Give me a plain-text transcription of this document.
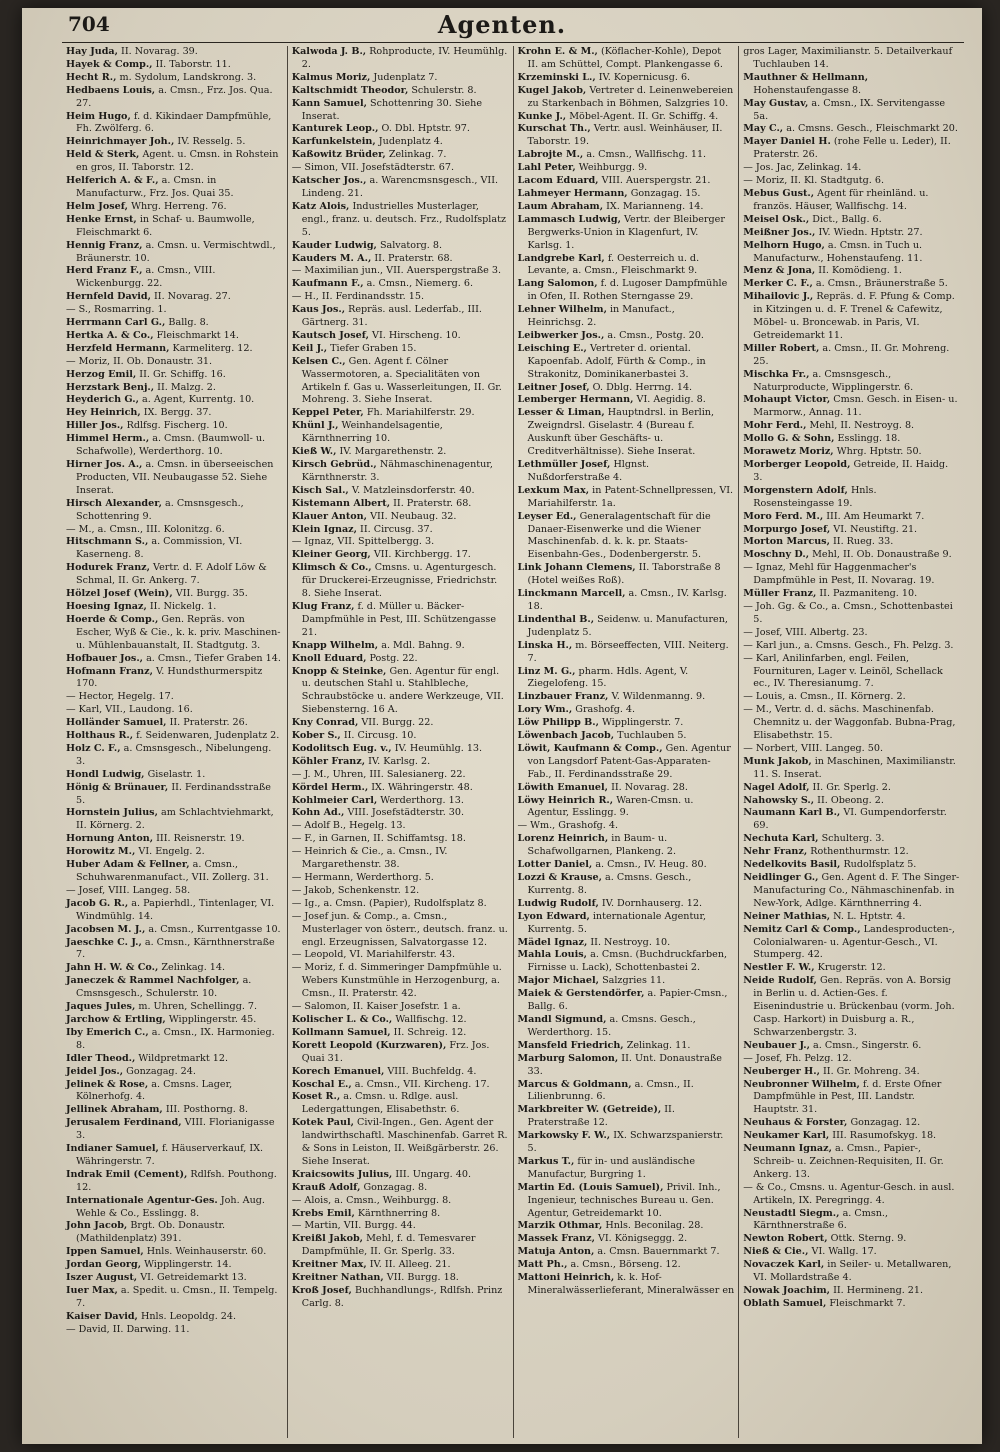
704	Agenten.
Hay Juda, II. Novarag. 39.
Hayek & Comp., II. Taborstr. 11.
Hecht R., m. Sydolum, Landskrong. 3.
Hedbaens Louis, a. Cmsn., Frz. Jos. Qua. 27.
Heim Hugo, f. d. Kikindaer Dampfmühle, Fh. Zwölferg. 6.
Heinrichmayer Joh., IV. Resselg. 5.
Held & Sterk, Agent. u. Cmsn. in Rohstein en gros, II. Taborstr. 12.
Helferich A. & F., a. Cmsn. in Manufacturw., Frz. Jos. Quai 35.
Helm Josef, Whrg. Herreng. 76.
Henke Ernst, in Schaf- u. Baumwolle, Fleischmarkt 6.
Hennig Franz, a. Cmsn. u. Vermischtwdl., Bräunerstr. 10.
Herd Franz F., a. Cmsn., VIII. Wickenburgg. 22.
Hernfeld David, II. Novarag. 27.
— S., Rosmarring. 1.
Herrmann Carl G., Ballg. 8.
Hertka A. & Co., Fleischmarkt 14.
Herzfeld Hermann, Karmeliterg. 12.
— Moriz, II. Ob. Donaustr. 31.
Herzog Emil, II. Gr. Schiffg. 16.
Herzstark Benj., II. Malzg. 2.
Heyderich G., a. Agent, Kurrentg. 10.
Hey Heinrich, IX. Bergg. 37.
Hiller Jos., Rdlfsg. Fischerg. 10.
Himmel Herm., a. Cmsn. (Baumwoll- u. Schafwolle), Werderthorg. 10.
Hirner Jos. A., a. Cmsn. in überseeischen Producten, VII. Neubaugasse 52. Siehe Inserat.
Hirsch Alexander, a. Cmsnsgesch., Schottenring 9.
— M., a. Cmsn., III. Kolonitzg. 6.
Hitschmann S., a. Commission, VI. Kaserneng. 8.
Hodurek Franz, Vertr. d. F. Adolf Löw & Schmal, II. Gr. Ankerg. 7.
Hölzel Josef (Wein), VII. Burgg. 35.
Hoesing Ignaz, II. Nickelg. 1.
Hoerde & Comp., Gen. Repräs. von Escher, Wyß & Cie., k. k. priv. Maschinen- u. Mühlenbauanstalt, II. Stadtgutg. 3.
Hofbauer Jos., a. Cmsn., Tiefer Graben 14.
Hofmann Franz, V. Hundsthurmerspitz 170.
— Hector, Hegelg. 17.
— Karl, VII., Laudong. 16.
Holländer Samuel, II. Praterstr. 26.
Holthaus R., f. Seidenwaren, Judenplatz 2.
Holz C. F., a. Cmsnsgesch., Nibelungeng. 3.
Hondl Ludwig, Giselastr. 1.
Hönig & Brünauer, II. Ferdinandsstraße 5.
Hornstein Julius, am Schlachtviehmarkt, II. Körnerg. 2.
Hornung Anton, III. Reisnerstr. 19.
Horowitz M., VI. Engelg. 2.
Huber Adam & Fellner, a. Cmsn., Schuhwarenmanufact., VII. Zollerg. 31.
— Josef, VIII. Langeg. 58.
Jacob G. R., a. Papierhdl., Tintenlager, VI. Windmühlg. 14.
Jacobsen M. J., a. Cmsn., Kurrentgasse 10.
Jaeschke C. J., a. Cmsn., Kärnthnerstraße 7.
Jahn H. W. & Co., Zelinkag. 14.
Janeczek & Rammel Nachfolger, a. Cmsnsgesch., Schulerstr. 10.
Jaques Jules, m. Uhren, Schellingg. 7.
Jarchow & Ertling, Wipplingerstr. 45.
Iby Emerich C., a. Cmsn., IX. Harmonieg. 8.
Idler Theod., Wildpretmarkt 12.
Jeidel Jos., Gonzagag. 24.
Jelinek & Rose, a. Cmsns. Lager, Kölnerhofg. 4.
Jellinek Abraham, III. Posthorng. 8.
Jerusalem Ferdinand, VIII. Florianigasse 3.
Indianer Samuel, f. Häuserverkauf, IX. Währingerstr. 7.
Indrak Emil (Cement), Rdlfsh. Pouthong. 12.
Internationale Agentur-Ges. Joh. Aug. Wehle & Co., Esslingg. 8.
John Jacob, Brgt. Ob. Donaustr. (Mathildenplatz) 391.
Ippen Samuel, Hnls. Weinhauserstr. 60.
Jordan Georg, Wipplingerstr. 14.
Iszer August, VI. Getreidemarkt 13.
Iuer Max, a. Spedit. u. Cmsn., II. Tempelg. 7.
Kaiser David, Hnls. Leopoldg. 24.
— David, II. Darwing. 11.
Kalwoda J. B., Rohproducte, IV. Heumühlg. 2.
Kalmus Moriz, Judenplatz 7.
Kaltschmidt Theodor, Schulerstr. 8.
Kann Samuel, Schottenring 30. Siehe Inserat.
Kanturek Leop., O. Dbl. Hptstr. 97.
Karfunkelstein, Judenplatz 4.
Kaßowitz Brüder, Zelinkag. 7.
— Simon, VII. Josefstädterstr. 67.
Katscher Jos., a. Warencmsnsgesch., VII. Lindeng. 21.
Katz Alois, Industrielles Musterlager, engl., franz. u. deutsch. Frz., Rudolfsplatz 5.
Kauder Ludwig, Salvatorg. 8.
Kauders M. A., II. Praterstr. 68.
— Maximilian jun., VII. Auerspergstraße 3.
Kaufmann F., a. Cmsn., Niemerg. 6.
— H., II. Ferdinandsstr. 15.
Kaus Jos., Repräs. ausl. Lederfab., III. Gärtnerg. 31.
Kautsch Josef, VI. Hirscheng. 10.
Keil J., Tiefer Graben 15.
Kelsen C., Gen. Agent f. Cölner Wassermotoren, a. Specialitäten von Artikeln f. Gas u. Wasserleitungen, II. Gr. Mohreng. 3. Siehe Inserat.
Keppel Peter, Fh. Mariahilferstr. 29.
Khünl J., Weinhandelsagentie, Kärnthnerring 10.
Kieß W., IV. Margarethenstr. 2.
Kirsch Gebrüd., Nähmaschinenagentur, Kärnthnerstr. 3.
Kisch Sal., V. Matzleinsdorferstr. 40.
Kistemann Albert, II. Praterstr. 68.
Klauer Anton, VII. Neubaug. 32.
Klein Ignaz, II. Circusg. 37.
— Ignaz, VII. Spittelbergg. 3.
Kleiner Georg, VII. Kirchbergg. 17.
Klimsch & Co., Cmsns. u. Agenturgesch. für Druckerei-Erzeugnisse, Friedrichstr. 8. Siehe Inserat.
Klug Franz, f. d. Müller u. Bäcker-Dampfmühle in Pest, III. Schützengasse 21.
Knapp Wilhelm, a. Mdl. Bahng. 9.
Knoll Eduard, Postg. 22.
Knopp & Steinke, Gen. Agentur für engl. u. deutschen Stahl u. Stahlbleche, Schraubstöcke u. andere Werkzeuge, VII. Siebensterng. 16 A.
Kny Conrad, VII. Burgg. 22.
Kober S., II. Circusg. 10.
Kodolitsch Eug. v., IV. Heumühlg. 13.
Köhler Franz, IV. Karlsg. 2.
— J. M., Uhren, III. Salesianerg. 22.
Kördel Herm., IX. Währingerstr. 48.
Kohlmeier Carl, Werderthorg. 13.
Kohn Ad., VIII. Josefstädterstr. 30.
— Adolf B., Hegelg. 13.
— F., in Garnen, II. Schiffamtsg. 18.
— Heinrich & Cie., a. Cmsn., IV. Margarethenstr. 38.
— Hermann, Werderthorg. 5.
— Jakob, Schenkenstr. 12.
— Ig., a. Cmsn. (Papier), Rudolfsplatz 8.
— Josef jun. & Comp., a. Cmsn., Musterlager von österr., deutsch. franz. u. engl. Erzeugnissen, Salvatorgasse 12.
— Leopold, VI. Mariahilferstr. 43.
— Moriz, f. d. Simmeringer Dampfmühle u. Webers Kunstmühle in Herzogenburg, a. Cmsn., II. Praterstr. 42.
— Salomon, II. Kaiser Josefstr. 1 a.
Kolischer L. & Co., Wallfischg. 12.
Kollmann Samuel, II. Schreig. 12.
Korett Leopold (Kurzwaren), Frz. Jos. Quai 31.
Korech Emanuel, VIII. Buchfeldg. 4.
Koschal E., a. Cmsn., VII. Kircheng. 17.
Koset R., a. Cmsn. u. Rdlge. ausl. Ledergattungen, Elisabethstr. 6.
Kotek Paul, Civil-Ingen., Gen. Agent der landwirthschaftl. Maschinenfab. Garret R. & Sons in Leiston, II. Weißgärberstr. 26. Siehe Inserat.
Kraicsowits Julius, III. Ungarg. 40.
Krauß Adolf, Gonzagag. 8.
— Alois, a. Cmsn., Weihburgg. 8.
Krebs Emil, Kärnthnerring 8.
— Martin, VII. Burgg. 44.
Kreißl Jakob, Mehl, f. d. Temesvarer Dampfmühle, II. Gr. Sperlg. 33.
Kreitner Max, IV. II. Alleeg. 21.
Kreitner Nathan, VII. Burgg. 18.
Kroß Josef, Buchhandlungs-, Rdlfsh. Prinz Carlg. 8.
Krohn E. & M., (Köflacher-Kohle), Depot II. am Schüttel, Compt. Plankengasse 6.
Krzeminski L., IV. Kopernicusg. 6.
Kugel Jakob, Vertreter d. Leinenwebereien zu Starkenbach in Böhmen, Salzgries 10.
Kunke J., Möbel-Agent. II. Gr. Schiffg. 4.
Kurschat Th., Vertr. ausl. Weinhäuser, II. Taborstr. 19.
Labrojte M., a. Cmsn., Wallfischg. 11.
Lahl Peter, Weihburgg. 9.
Lacom Eduard, VIII. Auerspergstr. 21.
Lahmeyer Hermann, Gonzagag. 15.
Laum Abraham, IX. Marianneng. 14.
Lammasch Ludwig, Vertr. der Bleiberger Bergwerks-Union in Klagenfurt, IV. Karlsg. 1.
Landgrebe Karl, f. Oesterreich u. d. Levante, a. Cmsn., Fleischmarkt 9.
Lang Salomon, f. d. Lugoser Dampfmühle in Ofen, II. Rothen Sterngasse 29.
Lehner Wilhelm, in Manufact., Heinrichsg. 2.
Leibwerker Jos., a. Cmsn., Postg. 20.
Leisching E., Vertreter d. oriental. Kapoenfab. Adolf, Fürth & Comp., in Strakonitz, Dominikanerbastei 3.
Leitner Josef, O. Dblg. Herrng. 14.
Lemberger Hermann, VI. Aegidig. 8.
Lesser & Liman, Hauptndrsl. in Berlin, Zweigndrsl. Giselastr. 4 (Bureau f. Auskunft über Geschäfts- u. Creditverhältnisse). Siehe Inserat.
Lethmüller Josef, Hlgnst. Nußdorferstraße 4.
Lexkum Max, in Patent-Schnellpressen, VI. Mariahilferstr. 1a.
Leyser Ed., Generalagentschaft für die Danaer-Eisenwerke und die Wiener Maschinenfab. d. k. k. pr. Staats-Eisenbahn-Ges., Dodenbergerstr. 5.
Link Johann Clemens, II. Taborstraße 8 (Hotel weißes Roß).
Linckmann Marcell, a. Cmsn., IV. Karlsg. 18.
Lindenthal B., Seidenw. u. Manufacturen, Judenplatz 5.
Linska H., m. Börseeffecten, VIII. Neiterg. 7.
Linz M. G., pharm. Hdls. Agent, V. Ziegelofeng. 15.
Linzbauer Franz, V. Wildenmanng. 9.
Lory Wm., Grashofg. 4.
Löw Philipp B., Wipplingerstr. 7.
Löwenbach Jacob, Tuchlauben 5.
Löwit, Kaufmann & Comp., Gen. Agentur von Langsdorf Patent-Gas-Apparaten-Fab., II. Ferdinandsstraße 29.
Löwith Emanuel, II. Novarag. 28.
Löwy Heinrich R., Waren-Cmsn. u. Agentur, Esslingg. 9.
— Wm., Grashofg. 4.
Lorenz Heinrich, in Baum- u. Schafwollgarnen, Plankeng. 2.
Lotter Daniel, a. Cmsn., IV. Heug. 80.
Lozzi & Krause, a. Cmsns. Gesch., Kurrentg. 8.
Ludwig Rudolf, IV. Dornhauserg. 12.
Lyon Edward, internationale Agentur, Kurrentg. 5.
Mädel Ignaz, II. Nestroyg. 10.
Mahla Louis, a. Cmsn. (Buchdruckfarben, Firnisse u. Lack), Schottenbastei 2.
Major Michael, Salzgries 11.
Maiek & Gerstendörfer, a. Papier-Cmsn., Ballg. 6.
Mandl Sigmund, a. Cmsns. Gesch., Werderthorg. 15.
Mansfeld Friedrich, Zelinkag. 11.
Marburg Salomon, II. Unt. Donaustraße 33.
Marcus & Goldmann, a. Cmsn., II. Lilienbrunng. 6.
Markbreiter W. (Getreide), II. Praterstraße 12.
Markowsky F. W., IX. Schwarzspanierstr. 5.
Markus T., für in- und ausländische Manufactur, Burgring 1.
Martin Ed. (Louis Samuel), Privil. Inh., Ingenieur, technisches Bureau u. Gen. Agentur, Getreidemarkt 10.
Marzik Othmar, Hnls. Beconilag. 28.
Massek Franz, VI. Königseggg. 2.
Matuja Anton, a. Cmsn. Bauernmarkt 7.
Matt Ph., a. Cmsn., Börseng. 12.
Mattoni Heinrich, k. k. Hof-Mineralwässerlieferant, Mineralwässer en
gros Lager, Maximilianstr. 5. Detailverkauf Tuchlauben 14.
Mauthner & Hellmann, Hohenstaufengasse 8.
May Gustav, a. Cmsn., IX. Servitengasse 5a.
May C., a. Cmsns. Gesch., Fleischmarkt 20.
Mayer Daniel H. (rohe Felle u. Leder), II. Praterstr. 26.
— Jos. Jac, Zelinkag. 14.
— Moriz, II. Kl. Stadtgutg. 6.
Mebus Gust., Agent für rheinländ. u. französ. Häuser, Wallfischg. 14.
Meisel Osk., Dict., Ballg. 6.
Meißner Jos., IV. Wiedn. Hptstr. 27.
Melhorn Hugo, a. Cmsn. in Tuch u. Manufacturw., Hohenstaufeng. 11.
Menz & Jona, II. Komödieng. 1.
Merker C. F., a. Cmsn., Bräunerstraße 5.
Mihailovic J., Repräs. d. F. Pfung & Comp. in Kitzingen u. d. F. Trenel & Cafewitz, Möbel- u. Broncewab. in Paris, VI. Getreidemarkt 11.
Miller Robert, a. Cmsn., II. Gr. Mohreng. 25.
Mischka Fr., a. Cmsnsgesch., Naturproducte, Wipplingerstr. 6.
Mohaupt Victor, Cmsn. Gesch. in Eisen- u. Marmorw., Annag. 11.
Mohr Ferd., Mehl, II. Nestroyg. 8.
Mollo G. & Sohn, Esslingg. 18.
Morawetz Moriz, Whrg. Hptstr. 50.
Morberger Leopold, Getreide, II. Haidg. 3.
Morgenstern Adolf, Hnls. Rosensteingasse 19.
Moro Ferd. M., III. Am Heumarkt 7.
Morpurgo Josef, VI. Neustiftg. 21.
Morton Marcus, II. Rueg. 33.
Moschny D., Mehl, II. Ob. Donaustraße 9.
— Ignaz, Mehl für Haggenmacher's Dampfmühle in Pest, II. Novarag. 19.
Müller Franz, II. Pazmaniteng. 10.
— Joh. Gg. & Co., a. Cmsn., Schottenbastei 5.
— Josef, VIII. Albertg. 23.
— Karl jun., a. Cmsns. Gesch., Fh. Pelzg. 3.
— Karl, Anilinfarben, engl. Feilen, Fournituren, Lager v. Leinöl, Schellack ec., IV. Theresianumg. 7.
— Louis, a. Cmsn., II. Körnerg. 2.
— M., Vertr. d. d. sächs. Maschinenfab. Chemnitz u. der Waggonfab. Bubna-Prag, Elisabethstr. 15.
— Norbert, VIII. Langeg. 50.
Munk Jakob, in Maschinen, Maximilianstr. 11. S. Inserat.
Nagel Adolf, II. Gr. Sperlg. 2.
Nahowsky S., II. Obeong. 2.
Naumann Karl B., VI. Gumpendorferstr. 69.
Nechuta Karl, Schulterg. 3.
Nehr Franz, Rothenthurmstr. 12.
Nedelkovits Basil, Rudolfsplatz 5.
Neidlinger G., Gen. Agent d. F. The Singer-Manufacturing Co., Nähmaschinenfab. in New-York, Adlge. Kärnthnerring 4.
Neiner Mathias, N. L. Hptstr. 4.
Nemitz Carl & Comp., Landesproducten-, Colonialwaren- u. Agentur-Gesch., VI. Stumperg. 42.
Nestler F. W., Krugerstr. 12.
Neide Rudolf, Gen. Repräs. von A. Borsig in Berlin u. d. Actien-Ges. f. Eisenindustrie u. Brückenbau (vorm. Joh. Casp. Harkort) in Duisburg a. R., Schwarzenbergstr. 3.
Neubauer J., a. Cmsn., Singerstr. 6.
— Josef, Fh. Pelzg. 12.
Neuberger H., II. Gr. Mohreng. 34.
Neubronner Wilhelm, f. d. Erste Ofner Dampfmühle in Pest, III. Landstr. Hauptstr. 31.
Neuhaus & Forster, Gonzagag. 12.
Neukamer Karl, III. Rasumofskyg. 18.
Neumann Ignaz, a. Cmsn., Papier-, Schreib- u. Zeichnen-Requisiten, II. Gr. Ankerg. 13.
— & Co., Cmsns. u. Agentur-Gesch. in ausl. Artikeln, IX. Peregringg. 4.
Neustadtl Siegm., a. Cmsn., Kärnthnerstraße 6.
Newton Robert, Ottk. Sterng. 9.
Nieß & Cie., VI. Wallg. 17.
Novaczek Karl, in Seiler- u. Metallwaren, VI. Mollardstraße 4.
Nowak Joachim, II. Hermineng. 21.
Oblath Samuel, Fleischmarkt 7.
